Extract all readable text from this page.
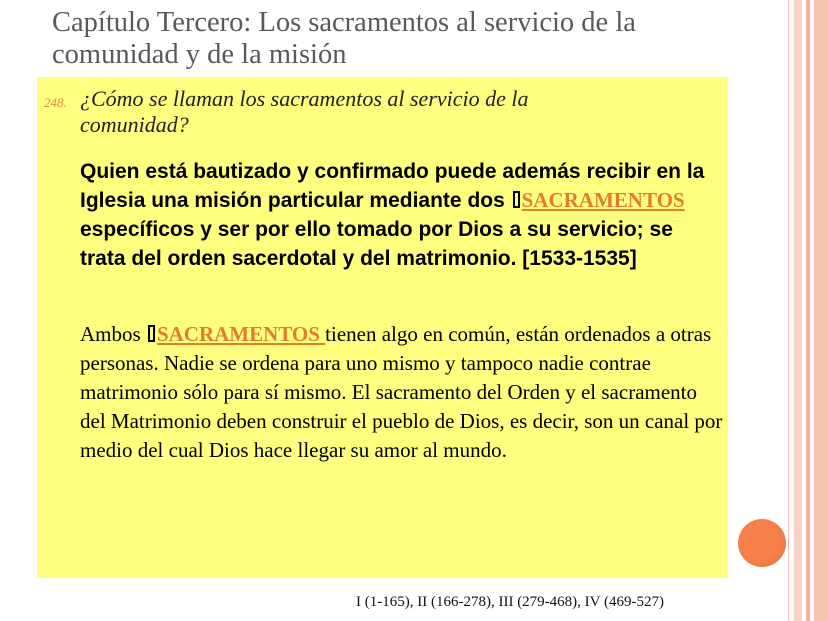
Capítulo Tercero: Los sacramentos al servicio de la comunidad y de la misión
248. ¿Cómo se llaman los sacramentos al servicio de la comunidad?
Quien está bautizado y confirmado puede además recibir en la Iglesia una misión particular mediante dos SACRAMENTOS específicos y ser por ello tomado por Dios a su servicio; se trata del orden sacerdotal y del matrimonio. [1533-1535]
Ambos SACRAMENTOS tienen algo en común, están ordenados a otras personas. Nadie se ordena para uno mismo y tampoco nadie contrae matrimonio sólo para sí mismo. El sacramento del Orden y el sacramento del Matrimonio deben construir el pueblo de Dios, es decir, son un canal por medio del cual Dios hace llegar su amor al mundo.
I (1-165), II (166-278), III (279-468), IV (469-527)
